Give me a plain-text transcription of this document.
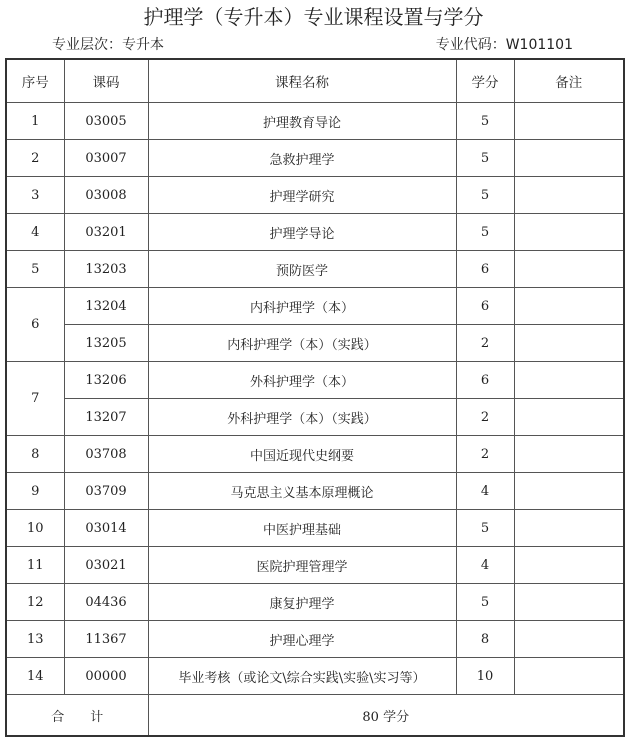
护理学（专升本）专业课程设置与学分
专业层次：专升本	专业代码：W101101
序号	课码	课程名称	学分	备注
1	03005	护理教育导论	5	
2	03007	急救护理学	5	
3	03008	护理学研究	5	
4	03201	护理学导论	5	
5	13203	预防医学	6	
6	13204	内科护理学（本）	6	
	13205	内科护理学（本）（实践）	2	
7	13206	外科护理学（本）	6	
	13207	外科护理学（本）（实践）	2	
8	03708	中国近现代史纲要	2	
9	03709	马克思主义基本原理概论	4	
10	03014	中医护理基础	5	
11	03021	医院护理管理学	4	
12	04436	康复护理学	5	
13	11367	护理心理学	8	
14	00000	毕业考核（或论文\综合实践\实验\实习等）	10	
合　　计		80 学分		
